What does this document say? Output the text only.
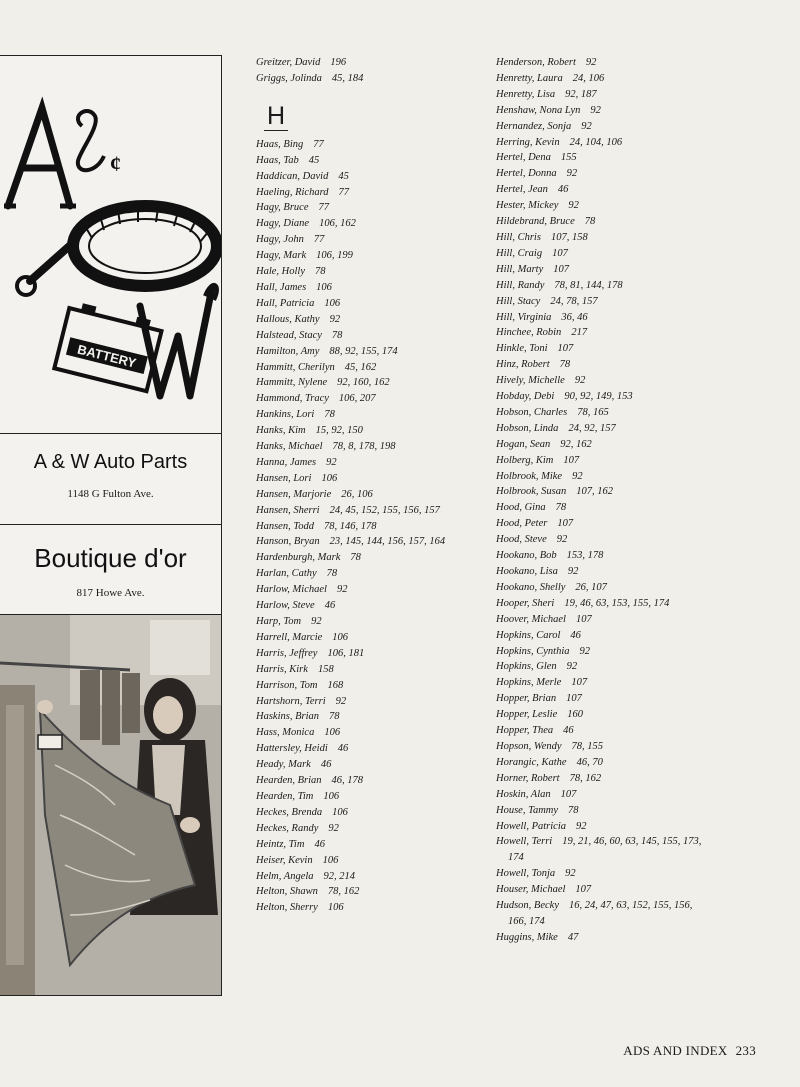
¢
BATTERY
A & W Auto Parts
1148 G Fulton Ave.
Boutique d'or
817 Howe Ave.
Greitzer, David 196
Griggs, Jolinda 45, 184
H
Haas, Bing 77
Haas, Tab 45
Haddican, David 45
Haeling, Richard 77
Hagy, Bruce 77
Hagy, Diane 106, 162
Hagy, John 77
Hagy, Mark 106, 199
Hale, Holly 78
Hall, James 106
Hall, Patricia 106
Hallous, Kathy 92
Halstead, Stacy 78
Hamilton, Amy 88, 92, 155, 174
Hammitt, Cherilyn 45, 162
Hammitt, Nylene 92, 160, 162
Hammond, Tracy 106, 207
Hankins, Lori 78
Hanks, Kim 15, 92, 150
Hanks, Michael 78, 8, 178, 198
Hanna, James 92
Hansen, Lori 106
Hansen, Marjorie 26, 106
Hansen, Sherri 24, 45, 152, 155, 156, 157
Hansen, Todd 78, 146, 178
Hanson, Bryan 23, 145, 144, 156, 157, 164
Hardenburgh, Mark 78
Harlan, Cathy 78
Harlow, Michael 92
Harlow, Steve 46
Harp, Tom 92
Harrell, Marcie 106
Harris, Jeffrey 106, 181
Harris, Kirk 158
Harrison, Tom 168
Hartshorn, Terri 92
Haskins, Brian 78
Hass, Monica 106
Hattersley, Heidi 46
Heady, Mark 46
Hearden, Brian 46, 178
Hearden, Tim 106
Heckes, Brenda 106
Heckes, Randy 92
Heintz, Tim 46
Heiser, Kevin 106
Helm, Angela 92, 214
Helton, Shawn 78, 162
Helton, Sherry 106
Henderson, Robert 92
Henretty, Laura 24, 106
Henretty, Lisa 92, 187
Henshaw, Nona Lyn 92
Hernandez, Sonja 92
Herring, Kevin 24, 104, 106
Hertel, Dena 155
Hertel, Donna 92
Hertel, Jean 46
Hester, Mickey 92
Hildebrand, Bruce 78
Hill, Chris 107, 158
Hill, Craig 107
Hill, Marty 107
Hill, Randy 78, 81, 144, 178
Hill, Stacy 24, 78, 157
Hill, Virginia 36, 46
Hinchee, Robin 217
Hinkle, Toni 107
Hinz, Robert 78
Hively, Michelle 92
Hobday, Debi 90, 92, 149, 153
Hobson, Charles 78, 165
Hobson, Linda 24, 92, 157
Hogan, Sean 92, 162
Holberg, Kim 107
Holbrook, Mike 92
Holbrook, Susan 107, 162
Hood, Gina 78
Hood, Peter 107
Hood, Steve 92
Hookano, Bob 153, 178
Hookano, Lisa 92
Hookano, Shelly 26, 107
Hooper, Sheri 19, 46, 63, 153, 155, 174
Hoover, Michael 107
Hopkins, Carol 46
Hopkins, Cynthia 92
Hopkins, Glen 92
Hopkins, Merle 107
Hopper, Brian 107
Hopper, Leslie 160
Hopper, Thea 46
Hopson, Wendy 78, 155
Horangic, Kathe 46, 70
Horner, Robert 78, 162
Hoskin, Alan 107
House, Tammy 78
Howell, Patricia 92
Howell, Terri 19, 21, 46, 60, 63, 145, 155, 173, 174
Howell, Tonja 92
Houser, Michael 107
Hudson, Becky 16, 24, 47, 63, 152, 155, 156, 166, 174
Huggins, Mike 47
ADS AND INDEX 233
